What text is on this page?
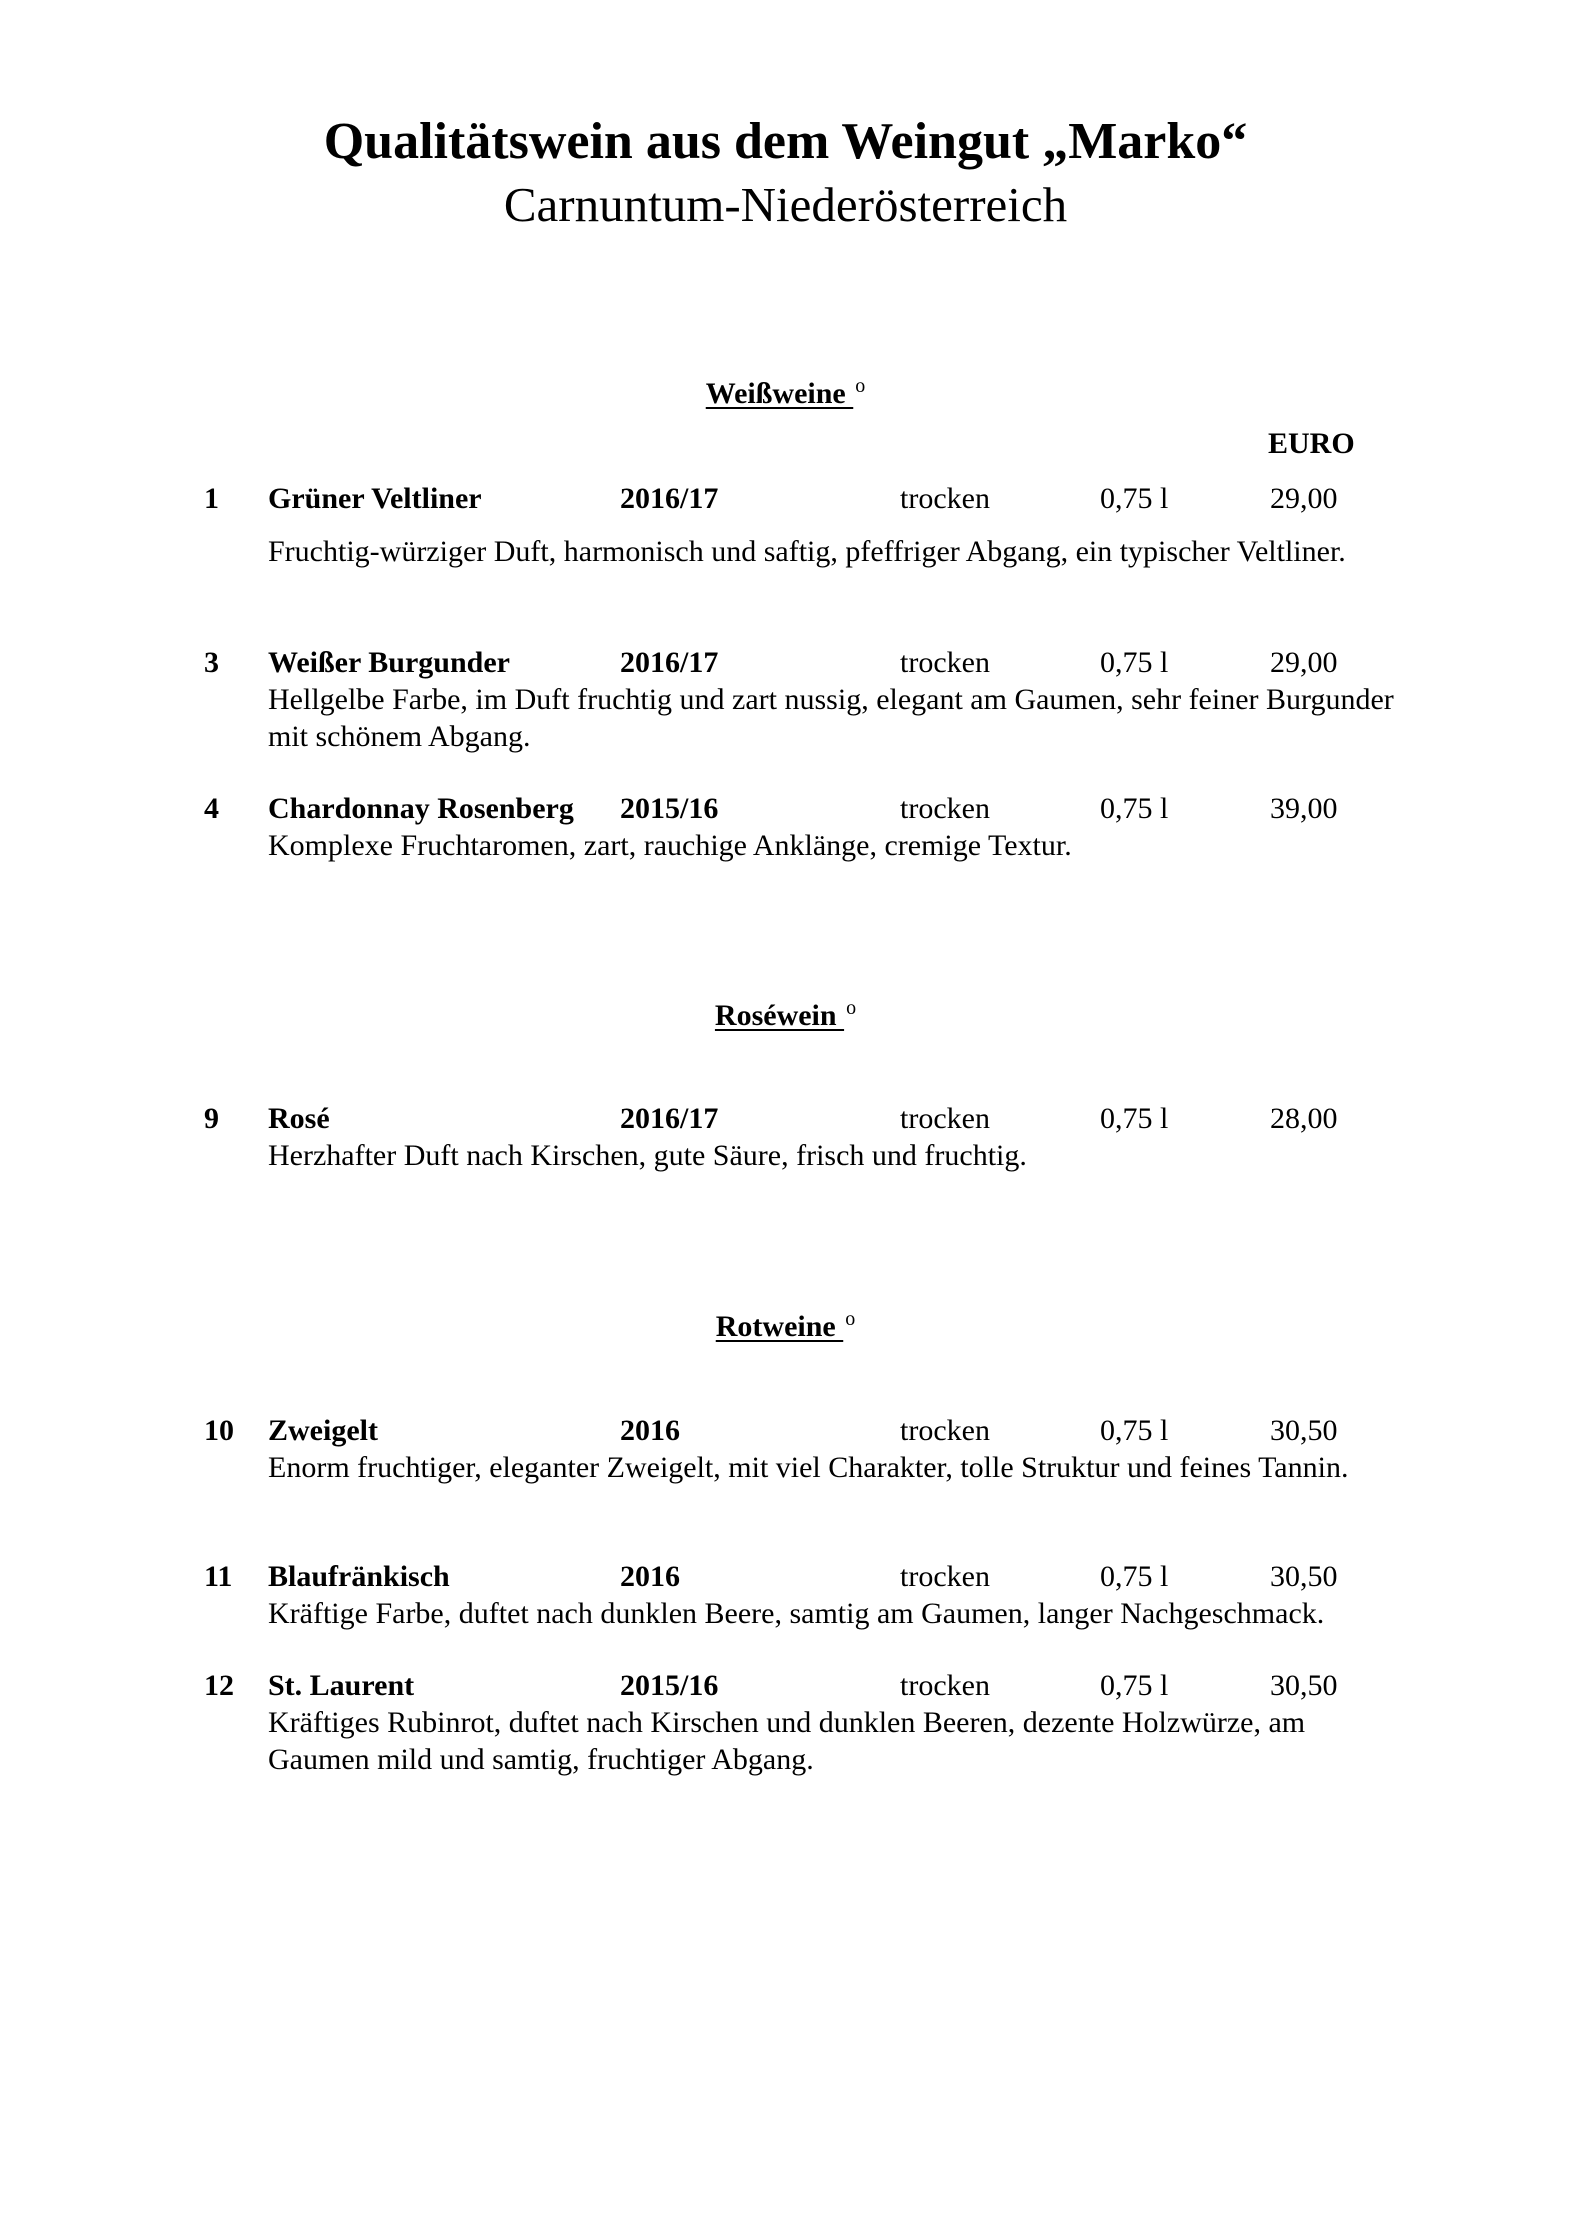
Qualitätswein aus dem Weingut „Marko“
Carnuntum-Niederösterreich
Weißweine $^o$
EURO
1 Grüner Veltliner	2016/17	trocken	0,75 l	29,00
Fruchtig-würziger Duft, harmonisch und saftig, pfeffriger Abgang, ein typischer Veltliner.
3 Weißer Burgunder	2016/17	trocken	0,75 l	29,00
Hellgelbe Farbe, im Duft fruchtig und zart nussig, elegant am Gaumen, sehr feiner Burgunder mit schönem Abgang.
4 Chardonnay Rosenberg 2015/16	trocken	0,75 l	39,00
Komplexe Fruchtaromen, zart, rauchige Anklänge, cremige Textur.
Roséwein $^o$
9 Rosé	2016/17	trocken	0,75 l	28,00
Herzhafter Duft nach Kirschen, gute Säure, frisch und fruchtig.
Rotweine $^o$
10 Zweigelt	2016	trocken	0,75 l	30,50
Enorm fruchtiger, eleganter Zweigelt, mit viel Charakter, tolle Struktur und feines Tannin.
11 Blaufränkisch	2016	trocken	0,75 l	30,50
Kräftige Farbe, duftet nach dunklen Beere, samtig am Gaumen, langer Nachgeschmack.
12 St. Laurent	2015/16	trocken	0,75 l	30,50
Kräftiges Rubinrot, duftet nach Kirschen und dunklen Beeren, dezente Holzwürze, am Gaumen mild und samtig, fruchtiger Abgang.
